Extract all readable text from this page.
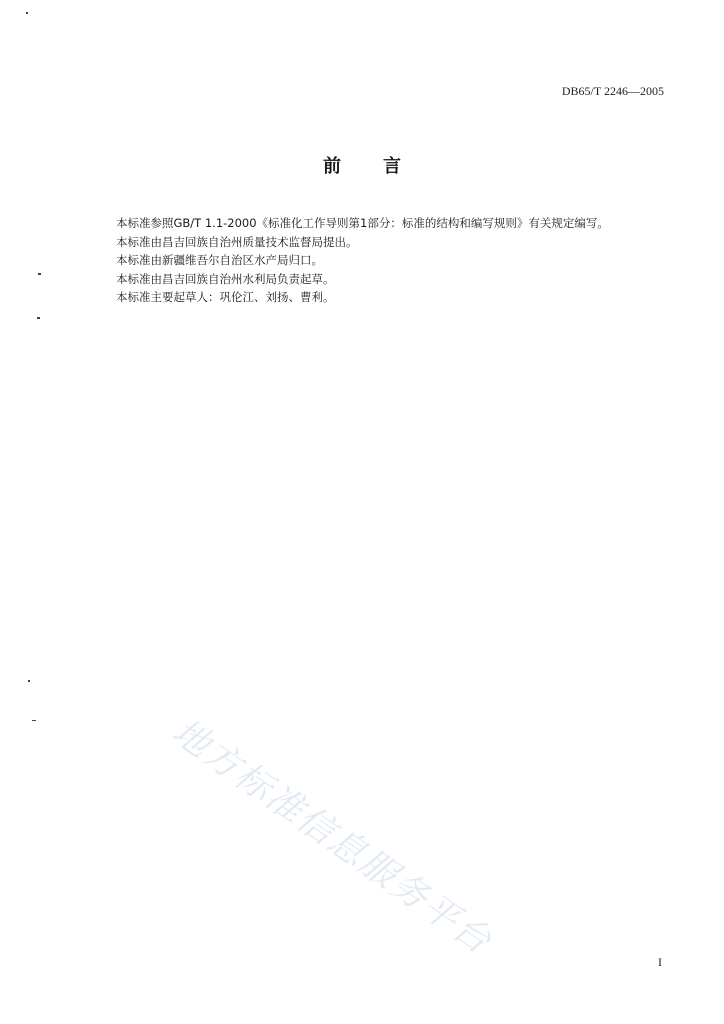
DB65/T 2246—2005
前 言
本标准参照GB/T 1.1-2000《标准化工作导则第1部分：标准的结构和编写规则》有关规定编写。
本标准由昌吉回族自治州质量技术监督局提出。
本标准由新疆维吾尔自治区水产局归口。
本标准由昌吉回族自治州水利局负责起草。
本标准主要起草人：巩伦江、刘扬、曹利。
地方标准信息服务平台	I
